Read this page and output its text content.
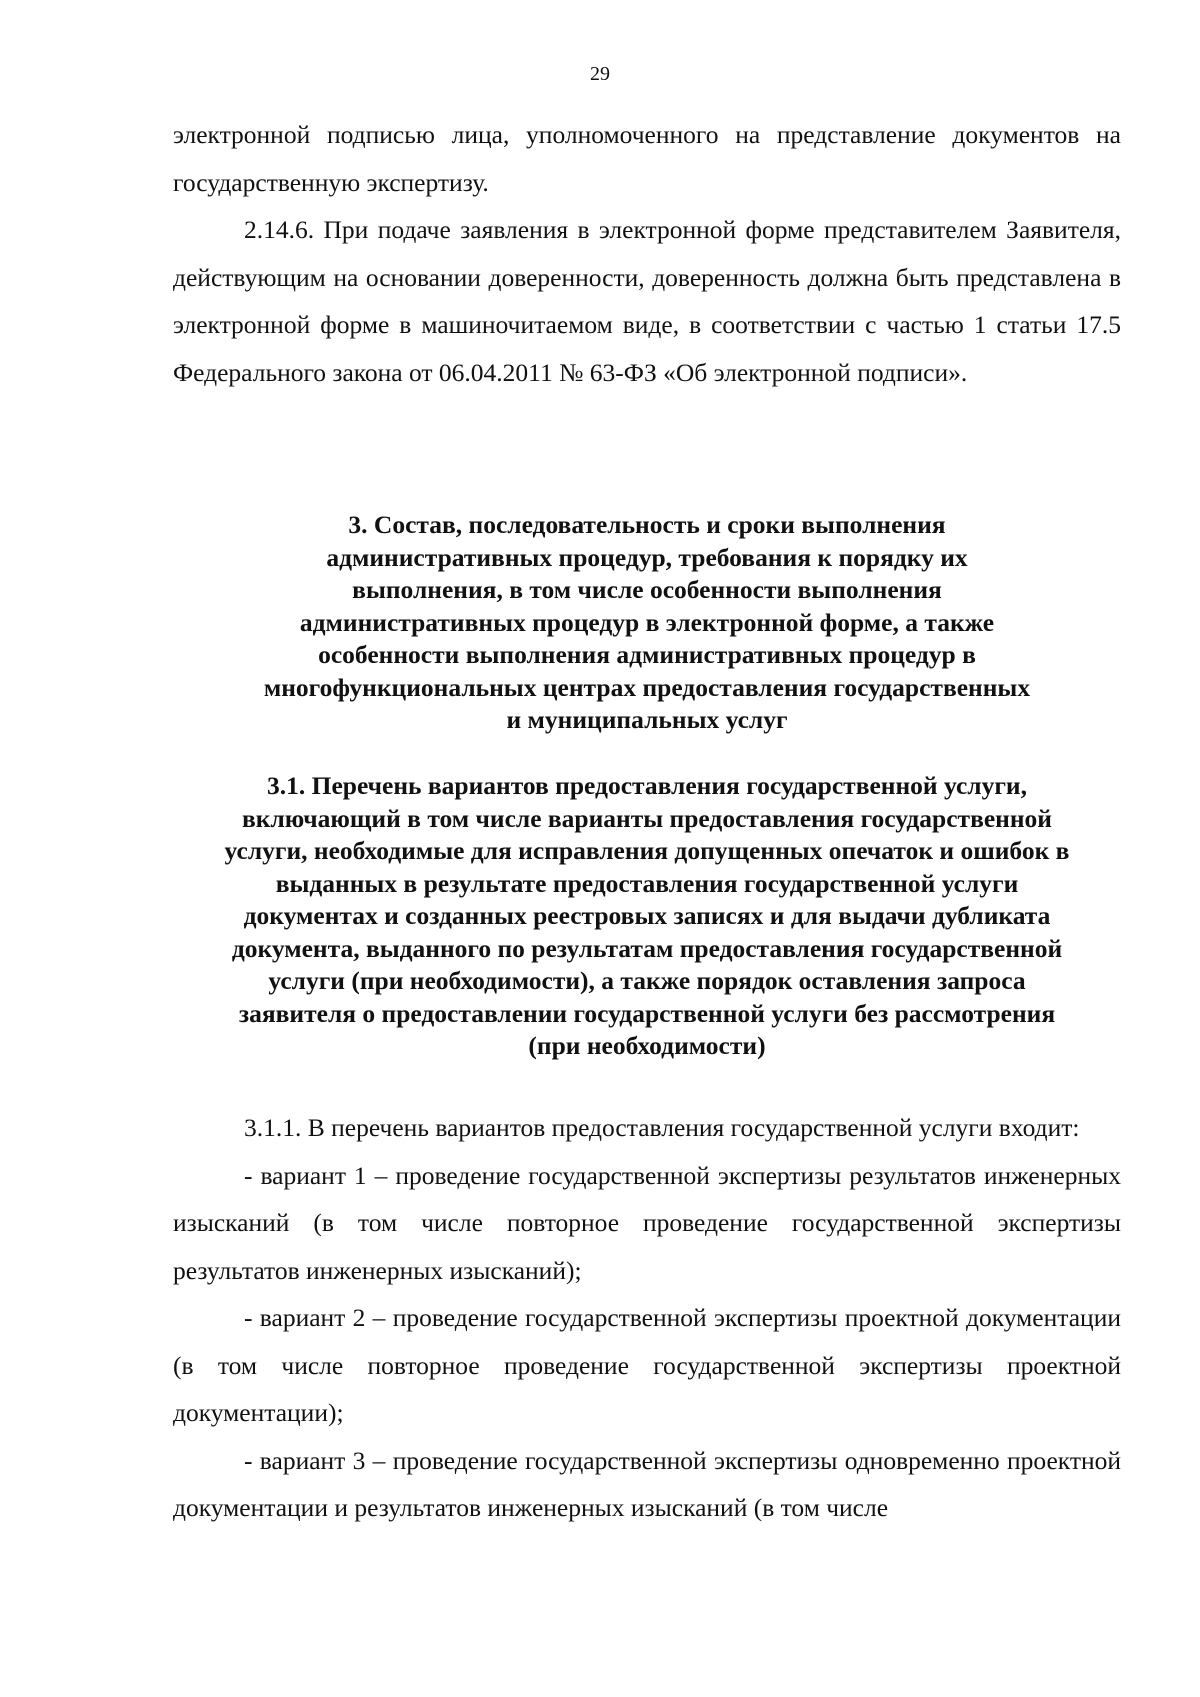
29

электронной подписью лица, уполномоченного на представление документов на государственную экспертизу.

2.14.6. При подаче заявления в электронной форме представителем Заявителя, действующим на основании доверенности, доверенность должна быть представлена в электронной форме в машиночитаемом виде, в соответствии с частью 1 статьи 17.5 Федерального закона от 06.04.2011 № 63-ФЗ «Об электронной подписи».

3. Состав, последовательность и сроки выполнения
административных процедур, требования к порядку их
выполнения, в том числе особенности выполнения
административных процедур в электронной форме, а также
особенности выполнения административных процедур в
многофункциональных центрах предоставления государственных
и муниципальных услуг
3.1. Перечень вариантов предоставления государственной услуги,
включающий в том числе варианты предоставления государственной
услуги, необходимые для исправления допущенных опечаток и ошибок в
выданных в результате предоставления государственной услуги
документах и созданных реестровых записях и для выдачи дубликата
документа, выданного по результатам предоставления государственной
услуги (при необходимости), а также порядок оставления запроса
заявителя о предоставлении государственной услуги без рассмотрения
(при необходимости)

3.1.1. В перечень вариантов предоставления государственной услуги входит:

- вариант 1 – проведение государственной экспертизы результатов инженерных изысканий (в том числе повторное проведение государственной экспертизы результатов инженерных изысканий);

- вариант 2 – проведение государственной экспертизы проектной документации (в том числе повторное проведение государственной экспертизы проектной документации);

- вариант 3 – проведение государственной экспертизы одновременно проектной документации и результатов инженерных изысканий (в том числе
